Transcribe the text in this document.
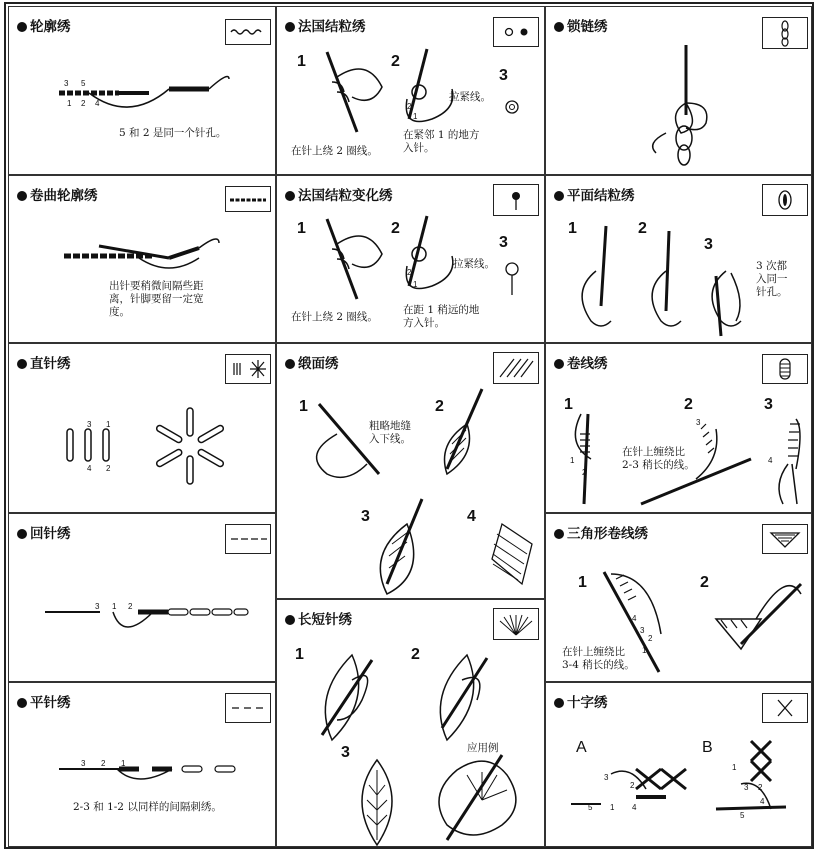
轮廓绣
3 5
1 2 4
5 和 2 是同一个针孔。
卷曲轮廓绣
出针要稍微间隔些距
离，针脚要留一定宽
度。
直针绣
3 1
4 2
回针绣
3 1 2
平针绣
3 2 1
2-3 和 1-2 以同样的间隔刺绣。
法国结粒绣
1	2
3
2
1
在针上绕 2 圈线。
在紧邻 1 的地方
入针。
拉紧线。
法国结粒变化绣
1	2
3
2
1
在针上绕 2 圈线。
在距 1 稍远的地
方入针。
拉紧线。
缎面绣
1	2
3	4
粗略地缝
入下线。
长短针绣
1	2
3	应用例
锁链绣
平面结粒绣
1	2
3
3 次都
入同一
针孔。
卷线绣
1	2	3
1
2
3
4
在针上缠绕比
2-3 稍长的线。
三角形卷线绣
1	2
4
3
2
1
在针上缠绕比
3-4 稍长的线。
十字绣
A	B
3
2
5 1 4
1
3 2
4
5
